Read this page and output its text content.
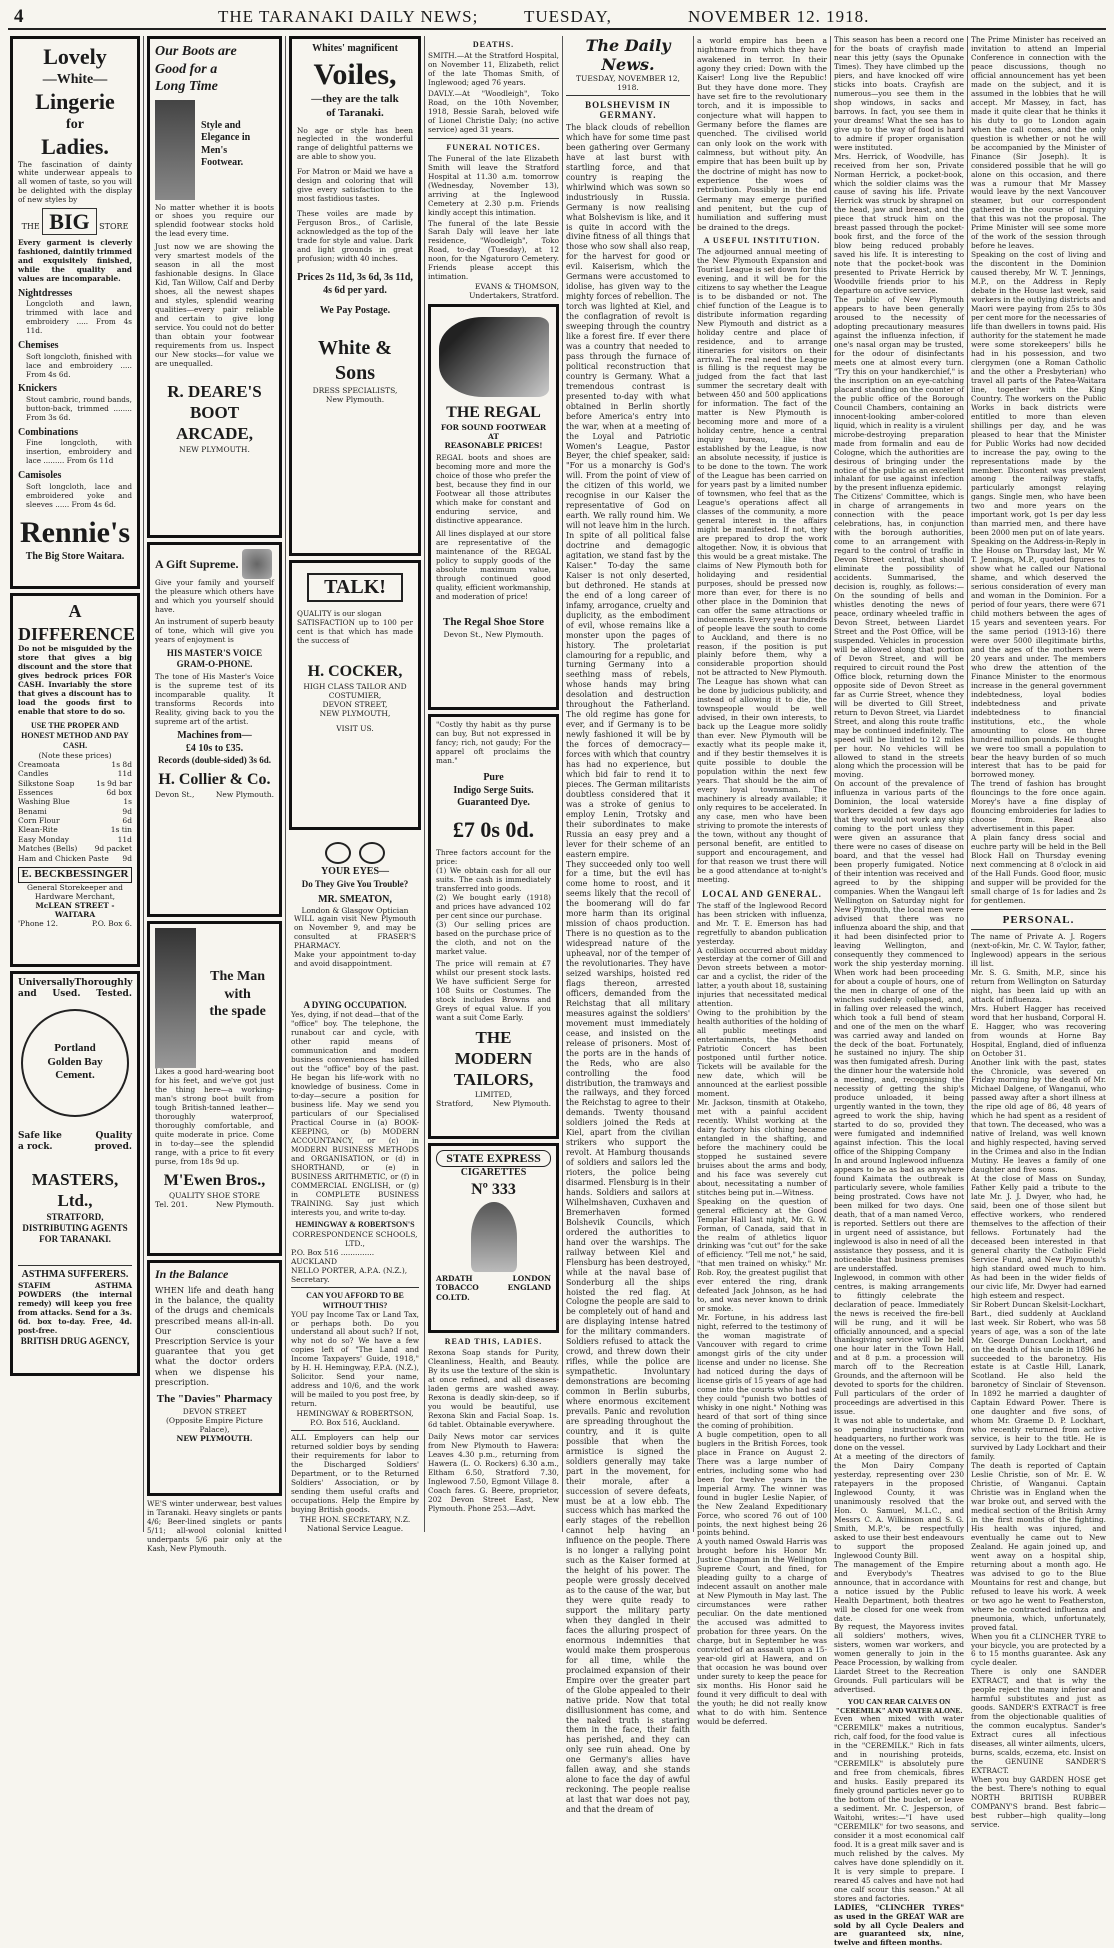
4	THE TARANAKI DAILY NEWS;	TUESDAY,	NOVEMBER 12. 1918.
Lovely
—White—
Lingerie
for
Ladies.
The fascination of dainty white underwear appeals to all women of taste, so you will be delighted with the display of new styles by
THE BIG STORE
Every garment is cleverly fashioned, daintily trimmed and exquisitely finished, while the quality and values are incomparable.
Nightdresses
Longcloth and lawn, trimmed with lace and embroidery ..... From 4s 11d.
Chemises
Soft longcloth, finished with lace and embroidery ..... From 4s 6d.
Knickers
Stout cambric, round bands, button-back, trimmed ........ From 3s 6d.
Combinations
Fine longcloth, with insertion, embroidery and lace ......... From 6s 11d
Camisoles
Soft longcloth, lace and embroidered yoke and sleeves ...... From 4s 6d.
Rennie's
The Big Store Waitara.
A DIFFERENCE
Do not be misguided by the store that gives a big discount and the store that gives bedrock prices FOR CASH. Invariably the store that gives a discount has to load the goods first to enable that store to do so.
USE THE PROPER AND HONEST METHOD AND PAY CASH.
(Note these prices)
Creamoata	1s 8d
Candles	11d
Silkstone Soap	1s 9d bar
Essences	6d box
Washing Blue	1s
Benami	9d
Corn Flour	6d
Klean-Rite	1s tin
Easy Monday	11d
Matches (Bells) 9d packet
Ham and Chicken Paste 9d
E. BECKBESSINGER
General Storekeeper and Hardware Merchant,
McLEAN STREET - WAITARA
'Phone 12.	P.O. Box 6.
Universally Thoroughly
and Used. Tested.
Portland
Golden Bay
Cement.
Safe like	Quality
a rock.	proved.
MASTERS, Ltd.,
STRATFORD,
DISTRIBUTING AGENTS FOR TARANAKI.
ASTHMA SUFFERERS.
STAFIM ASTHMA POWDERS (the internal remedy) will keep you free from attacks. Send for a 3s. 6d. box to-day. Free, 4d. post-free.
BRITISH DRUG AGENCY,
Our Boots are
Good for a
Long Time
Style and
Elegance in
Men's
Footwear.
No matter whether it is boots or shoes you require our splendid footwear stocks hold the lead every time.
Just now we are showing the very smartest models of the season in all the most fashionable designs. In Glace Kid, Tan Willow, Calf and Derby shoes, all the newest shapes and styles, splendid wearing qualities—every pair reliable and certain to give long service. You could not do better than obtain your footwear requirements from us. Inspect our New stocks—for value we are unequalled.
R. DEARE'S
BOOT
ARCADE,
NEW PLYMOUTH.
A Gift Supreme.
Give your family and yourself the pleasure which others have and which you yourself should have.
An instrument of superb beauty of tone, which will give you years of enjoyment is
HIS MASTER'S VOICE GRAM-O-PHONE.
The tone of His Master's Voice is the supreme test of its incomparable quality. It transforms Records into Reality, giving back to you the supreme art of the artist.
Machines from—
£4 10s to £35.
Records (double-sided) 3s 6d.
H. Collier & Co.
Devon St.,	New Plymouth.
The Man with
the spade
Likes a good hard-wearing boot for his feet, and we've got just the thing here—a working-man's strong boot built from tough British-tanned leather—thoroughly waterproof, thoroughly comfortable, and quite moderate in price. Come in to-day—see the splendid range, with a price to fit every purse, from 18s 9d up.
M'Ewen Bros.,
QUALITY SHOE STORE
Tel. 201.	New Plymouth.
In the Balance
WHEN life and death hang in the balance, the quality of the drugs and chemicals prescribed means all-in-all. Our conscientious Prescription Service is your guarantee that you get what the doctor orders when we dispense his prescription.
The "Davies" Pharmacy
DEVON STREET
(Opposite Empire Picture Palace),
NEW PLYMOUTH.
WE'S winter underwear, best values in Taranaki. Heavy singlets or pants 4/6; Beer-lined singlets or pants 5/11; all-wool colonial knitted underpants 5/6 pair only at the Kash, New Plymouth.
Whites' magnificent
Voiles,
—they are the talk
of Taranaki.
No age or style has been neglected in the wonderful range of delightful patterns we are able to show you.
For Matron or Maid we have a design and coloring that will give every satisfaction to the most fastidious tastes.
These voiles are made by Ferguson Bros., of Carlisle, acknowledged as the top of the trade for style and value. Dark and light grounds in great profusion; width 40 inches.
Prices 2s 11d, 3s 6d, 3s 11d, 4s 6d per yard.
We Pay Postage.
White & Sons
DRESS SPECIALISTS,
New Plymouth.
TALK!
QUALITY is our slogan
SATISFACTION up to 100 per cent is that which has made the success of
H. COCKER,
HIGH CLASS TAILOR AND COSTUMIER,
DEVON STREET,
NEW PLYMOUTH,
VISIT US.
YOUR EYES—
Do They Give You Trouble?
MR. SMEATON,
London & Glasgow Optician
WILL again visit New Plymouth on November 9, and may be consulted at FRASER'S PHARMACY.
Make your appointment to-day and avoid disappointment.
A DYING OCCUPATION.
Yes, dying, if not dead—that of the "office" boy. The telephone, the runabout car and cycle, with other rapid means of communication and modern business conveniences has killed out the "office" boy of the past. He began his life-work with no knowledge of business. Come in to-day—secure a position for business life. May we send you particulars of our Specialised Practical Course in (a) BOOK-KEEPING, or (b) MODERN ACCOUNTANCY, or (c) in MODERN BUSINESS METHODS and ORGANISATION, or (d) in SHORTHAND, or (e) in BUSINESS ARITHMETIC, or (f) in COMMERCIAL ENGLISH, or (g) in COMPLETE BUSINESS TRAINING. Say just which interests you, and write to-day.
HEMINGWAY & ROBERTSON'S
CORRESPONDENCE SCHOOLS, LTD.,
P.O. Box 516 .............. AUCKLAND
NELLO PORTER, A.P.A. (N.Z.), Secretary.
CAN YOU AFFORD TO BE WITHOUT THIS?
YOU pay Income Tax or Land Tax, or perhaps both. Do you understand all about such? If not, why not do so? We have a few copies left of "The Land and Income Taxpayers' Guide, 1918," by H. H. Hemingway, F.P.A. (N.Z.), Solicitor. Send your name, address and 10/6, and the work will be mailed to you post free, by return.
HEMINGWAY & ROBERTSON,
P.O. Box 516, Auckland.
ALL Employers can help our returned soldier boys by sending their requirements for labor to the Discharged Soldiers' Department, or to the Returned Soldiers' Association, or by sending them useful crafts and occupations. Help the Empire by buying British goods.
THE HON. SECRETARY, N.Z. National Service League.
DEATHS.
SMITH.—At the Stratford Hospital, on November 11, Elizabeth, relict of the late Thomas Smith, of Inglewood; aged 76 years.
DAVLY.—At "Woodleigh", Toko Road, on the 10th November, 1918, Bessie Sarah, beloved wife of Lionel Christie Daly; (no active service) aged 31 years.
FUNERAL NOTICES.
The Funeral of the late Elizabeth Smith will leave the Stratford Hospital at 11.30 a.m. tomorrow (Wednesday, November 13), arriving at the Inglewood Cemetery at 2.30 p.m. Friends kindly accept this intimation.
The funeral of the late Bessie Sarah Daly will leave her late residence, "Woodleigh", Toko Road, to-day (Tuesday), at 12 noon, for the Ngaturoro Cemetery. Friends please accept this intimation.
EVANS & THOMSON, Undertakers, Stratford.
THE REGAL
FOR SOUND FOOTWEAR AT
REASONABLE PRICES!
REGAL boots and shoes are becoming more and more the choice of those who prefer the best, because they find in our Footwear all those attributes which make for constant and enduring service, and distinctive appearance.
All lines displayed at our store are representative of the maintenance of the REGAL policy to supply goods of the absolute maximum value, through continued good quality, efficient workmanship, and moderation of price!
The Regal Shoe Store
Devon St., New Plymouth.
"Costly thy habit as thy purse can buy, But not expressed in fancy; rich, not gaudy; For the apparel oft proclaims the man."
Pure
Indigo Serge Suits.
Guaranteed Dye.
£7 0s 0d.
Three factors account for the price:
(1) We obtain cash for all our suits. The cash is immediately transferred into goods.
(2) We bought early (1918) and prices have advanced 102 per cent since our purchase.
(3) Our selling prices are based on the purchase price of the cloth, and not on the market value.
The price will remain at £7 whilst our present stock lasts. We have sufficient Serge for 108 Suits or Costumes. The stock includes Browns and Greys of equal value. If you want a suit Come Early.
THE
MODERN
TAILORS,
LIMITED,
Stratford,	New Plymouth.
STATE EXPRESS
CIGARETTES
Nº 333
ARDATH	LONDON
TOBACCO	ENGLAND
CO.LTD.
READ THIS, LADIES.
Rexona Soap stands for Purity, Cleanliness, Health, and Beauty. By its use the texture of the skin is at once refined, and all diseases-laden germs are washed away. Rexona is deadly skin-deep, so if you would be beautiful, use Rexona Skin and Facial Soap. 1s. 6d tablet. Obtainable everywhere.
Daily News motor car services from New Plymouth to Hawera: Leaves 4.30 p.m., returning from Hawera (L. O. Rockers) 6.30 a.m., Eltham 6.50, Stratford 7.30, Inglewood 7.50, Egmont Village 8. Coach fares. G. Beere, proprietor, 202 Devon Street East, New Plymouth. Phone 253.—Advt.
The Daily News.
TUESDAY, NOVEMBER 12, 1918.
BOLSHEVISM IN GERMANY.
The black clouds of rebellion which have for some time past been gathering over Germany have at last burst with startling force, and that country is reaping the whirlwind which was sown so industriously in Russia. Germany is now realising what Bolshevism is like, and it is quite in accord with the divine fitness of all things that those who sow shall also reap, for the harvest for good or evil. Kaiserism, which the Germans were accustomed to idolise, has given way to the mighty forces of rebellion. The torch was lighted at Kiel, and the conflagration of revolt is sweeping through the country like a forest fire. If ever there was a country that needed to pass through the furnace of political reconstruction that country is Germany. What a tremendous contrast is presented to-day with what obtained in Berlin shortly before America's entry into the war, when at a meeting of the Loyal and Patriotic Women's League, Pastor Beyer, the chief speaker, said: "For us a monarchy is God's will. From the point of view of the citizen of this world, we recognise in our Kaiser the representative of God on earth. We rally round him. We will not leave him in the lurch. In spite of all political false doctrine and demagogic agitation, we stand fast by the Kaiser." To-day the same Kaiser is not only deserted, but dethroned. He stands at the end of a long career of infamy, arrogance, cruelty and duplicity, as the embodiment of evil, whose remains like a monster upon the pages of history. The proletariat clamouring for a republic, and turning Germany into a seething mass of rebels, whose hands may bring desolation and destruction throughout the Fatherland. The old regime has gone for ever, and if Germany is to be newly fashioned it will be by the forces of democracy—forces with which that country has had no experience, but which bid fair to rend it to pieces. The German militarists doubtless considered that it was a stroke of genius to employ Lenin, Trotsky and their subordinates to make Russia an easy prey and a lever for their scheme of an eastern empire.
They succeeded only too well for a time, but the evil has come home to roost, and it seems likely that the recoil of the boomerang will do far more harm than its original mission of chaos production. There is no question as to the widespread nature of the upheaval, nor of the temper of the revolutionaries. They have seized warships, hoisted red flags thereon, arrested officers, demanded from the Reichstag that all military measures against the soldiers' movement must immediately cease, and insisted on the release of prisoners. Most of the ports are in the hands of the Reds, who are also controlling the food distribution, the tramways and the railways, and they forced the Reichstag to agree to their demands. Twenty thousand soldiers joined the Reds at Kiel, apart from the civilian strikers who support the revolt. At Hamburg thousands of soldiers and sailors led the rioters, the police being disarmed. Flensburg is in their hands. Soldiers and sailors at Wilhelmshaven, Cuxhaven and Bremerhaven formed Bolshevik Councils, which ordered the authorities to hand over the warships. The railway between Kiel and Flensburg has been destroyed, while at the naval base of Sonderburg all the ships hoisted the red flag. At Cologne the people are said to be completely out of hand and are displaying intense hatred for the military commanders. Soldiers refused to attack the crowd, and threw down their rifles, while the police are sympathetic. Involuntary demonstrations are becoming common in Berlin suburbs, where enormous excitement prevails. Panic and revolution are spreading throughout the country, and it is quite possible that when the armistice is signed the soldiers generally may take part in the movement, for their morale, after a succession of severe defeats, must be at a low ebb. The success which has marked the early stages of the rebellion cannot help having an influence on the people. There is no longer a rallying point such as the Kaiser formed at the height of his power. The people were grossly deceived as to the cause of the war, but they were quite ready to support the military party when they dangled in their faces the alluring prospect of enormous indemnities that would make them prosperous for all time, while the proclaimed expansion of their Empire over the greater part of the Globe appealed to their native pride. Now that total disillusionment has come, and the naked truth is staring them in the face, their faith has perished, and they can only see ruin ahead. One by one Germany's allies have fallen away, and she stands alone to face the day of awful reckoning. The people realise at last that war does not pay, and that the dream of
a world empire has been a nightmare from which they have awakened in terror. In their agony they cried: Down with the Kaiser! Long live the Republic! But they have done more. They have set fire to the revolutionary torch, and it is impossible to conjecture what will happen to Germany before the flames are quenched. The civilised world can only look on the work with calmness, but without pity. An empire that has been built up by the doctrine of might has now to experience the woes of retribution. Possibly in the end Germany may emerge purified and penitent, but the cup of humiliation and suffering must be drained to the dregs.
A USEFUL INSTITUTION.
The adjourned annual meeting of the New Plymouth Expansion and Tourist League is set down for this evening, and it will be for the citizens to say whether the League is to be disbanded or not. The chief function of the League is to distribute information regarding New Plymouth and district as a holiday centre and place of residence, and to arrange itineraries for visitors on their arrival. The real need the League is filling is the request may be judged from the fact that last summer the secretary dealt with between 450 and 500 applications for information. The fact of the matter is New Plymouth is becoming more and more of a holiday centre, hence a central inquiry bureau, like that established by the League, is now an absolute necessity, if justice is to be done to the town. The work of the League has been carried on for years past by a limited number of townsmen, who feel that as the League's operations affect all classes of the community, a more general interest in the affairs might be manifested. If not, they are prepared to drop the work altogether. Now, it is obvious that this would be a great mistake. The claims of New Plymouth both for holidaying and residential purposes, should be pressed now more than ever, for there is no other place in the Dominion that can offer the same attractions or inducements. Every year hundreds of people leave the south to come to Auckland, and there is no reason, if the position is put plainly before them, why a considerable proportion should not be attracted to New Plymouth. The League has shown what can be done by judicious publicity, and instead of allowing it to die, the townspeople would be well advised, in their own interests, to back up the League more solidly than ever. New Plymouth will be exactly what its people make it, and if they bestir themselves it is quite possible to double the population within the next few years. That should be the aim of every loyal townsman. The machinery is already available; it only requires to be accelerated. In any case, men who have been striving to promote the interests of the town, without any thought of personal benefit, are entitled to support and encouragement, and for that reason we trust there will be a good attendance at to-night's meeting.
LOCAL AND GENERAL.
The staff of the Inglewood Record has been stricken with influenza, and Mr. T. E. Emerson has had regretfully to abandon publication yesterday.
A collision occurred about midday yesterday at the corner of Gill and Devon streets between a motor-car and a cyclist, the rider of the latter, a youth about 18, sustaining injuries that necessitated medical attention.
Owing to the prohibition by the health authorities of the holding of all public meetings and entertainments, the Methodist Patriotic Concert has been postponed until further notice. Tickets will be available for the new date, which will be announced at the earliest possible moment.
Mr. Jackson, tinsmith at Otakeho, met with a painful accident recently. Whilst working at the dairy factory his clothing became entangled in the shafting, and before the machinery could be stopped he sustained severe bruises about the arms and body, and his face was severely cut about, necessitating a number of stitches being put in.—Witness.
Speaking on the question of general efficiency at the Good Templar Hall last night, Mr. G. W. Forman, of Canada, said that in the realm of athletics liquor drinking was "cut out" for the sake of efficiency. "Tell me not," he said, "that men trained on whisky." Mr. Rob. Roy, the greatest pugilist that ever entered the ring, drank defeated Jack Johnson, as he had to, and was never known to drink or smoke.
Mr. Fortune, in his address last night, referred to the testimony of the woman magistrate of Vancouver with regard to crime amongst girls of the city under license and under no license. She had noticed during the days of license girls of 15 years of age had come into the courts who had said they could "punish two bottles of whisky in one night." Nothing was heard of that sort of thing since the coming of prohibition.
A bugle competition, open to all buglers in the British Forces, took place in France on August 2. There was a large number of entries, including some who had been for twelve years in the Imperial Army. The winner was found in bugler Leslie Napier, of the New Zealand Expeditionary Force, who scored 76 out of 100 points, the next highest being 26 points behind.
A youth named Oswald Harris was brought before his Honor Mr. Justice Chapman in the Wellington Supreme Court, and fined, for pleading guilty to a charge of indecent assault on another male at New Plymouth in May last. The circumstances were rather peculiar. On the date mentioned the accused was admitted to probation for three years. On the charge, but in September he was convicted of an assault upon a 15-year-old girl at Hawera, and on that occasion he was bound over under surety to keep the peace for six months. His Honor said he found it very difficult to deal with the youth; he did not really know what to do with him. Sentence would be deferred.
This season has been a record one for the boats of crayfish made near this jetty (says the Opunake Times). They have climbed up the piers, and have knocked off wire sticks into boats. Crayfish are numerous—you see them in the shop windows, in sacks and barrows. In fact, you see them in your dreams! What the sea has to give up to the way of food is hard to admire if proper organisation were instituted.
Mrs. Herrick, of Woodville, has received from her son, Private Norman Herrick, a pocket-book, which the soldier claims was the cause of saving his life. Private Herrick was struck by shrapnel on the head, jaw and breast, and the piece that struck him on the breast passed through the pocket-book first, and the force of the blow being reduced probably saved his life. It is interesting to note that the pocket-book was presented to Private Herrick by Woodville friends prior to his departure on active service.
The public of New Plymouth appears to have been generally aroused to the necessity of adopting precautionary measures against the influenza infection, if one's nasal organ may be trusted, for the odour of disinfectants meets one at almost every turn. "Try this on your handkerchief," is the inscription on an eye-catching placard standing on the counter of the public office of the Borough Council Chambers, containing an innocent-looking amber-colored liquid, which in reality is a virulent microbe-destroying preparation made from formalin and eau de Cologne, which the authorities are desirous of bringing under the notice of the public as an excellent inhalant for use against infection by the present influenza epidemic.
The Citizens' Committee, which is in charge of arrangements in connection with the peace celebrations, has, in conjunction with the borough authorities, come to an arrangement with regard to the control of traffic in Devon Street central, that should eliminate the possibility of accidents. Summarised, the decision is, roughly, as follows:—On the sounding of bells and whistles denoting the news of peace, ordinary wheeled traffic in Devon Street, between Liardet Street and the Post Office, will be suspended. Vehicles in procession will be allowed along that portion of Devon Street, and will be required to circuit round the Post Office block, returning down the opposite side of Devon Street as far as Currie Street, whence they will be diverted to Gill Street, return to Devon Street, via Liardet Street, and along this route traffic may be continued indefinitely. The speed will be limited to 12 miles per hour. No vehicles will be allowed to stand in the streets along which the procession will be moving.
On account of the prevalence of influenza in various parts of the Dominion, the local waterside workers decided a few days ago that they would not work any ship coming to the port unless they were given an assurance that there were no cases of disease on board, and that the vessel had been properly fumigated. Notice of their intention was received and agreed to by the shipping companies. When the Wangaui left Wellington on Saturday night for New Plymouth, the local men were advised that there was no influenza aboard the ship, and that it had been disinfected prior to leaving Wellington, and consequently they commenced to work the ship yesterday morning. When work had been proceeding for about a couple of hours, one of the men in charge of one of the winches suddenly collapsed, and, in falling over released the winch, which took a full bend of steam and one of the men on the wharf was carried away and landed on the deck of the boat. Fortunately, he sustained no injury. The ship was then fumigated afresh. During the dinner hour the waterside hold a meeting, and, recognising the necessity of getting the ship's produce unloaded, it being urgently wanted in the town, they agreed to work the ship, having started to do so, provided they were fumigated and indemnified against infection. This the local office of the Shipping Company
In and around Inglewood influenza appears to be as bad as anywhere found Kaimata the outbreak is particularly severe, whole families being prostrated. Cows have not been milked for two days. One death, that of a man named Verco, is reported. Settlers out there are in urgent need of assistance, but inglewood is also in need of all the assistance they possess, and it is noticeable that business premises are understaffed.
Inglewood, in common with other centres, is making arrangements to fittingly celebrate the declaration of peace. Immediately the news is received the fire-bell will be rung, and it will be officially announced, and a special thanksgiving service will be held one hour later in the Town Hall, and at 8 p.m. a procession will march off to the Recreation Grounds, and the afternoon will be devoted to sports for the children. Full particulars of the order of proceedings are advertised in this issue.
It was not able to undertake, and so pending instructions from headquarters, no further work was done on the vessel.
At a meeting of the directors of the Mon Dairy Company yesterday, representing over 230 ratepayers in the proposed Inglewood County, it was unanimously resolved that the Hon. O. Samuel, M.L.C., and Messrs C. A. Wilkinson and S. G. Smith, M.P.'s, be respectfully asked to use their best endeavours to support the proposed Inglewood County Bill.
The management of the Empire and Everybody's Theatres announce, that in accordance with a notice issued by the Public Health Department, both theatres will be closed for one week from date.
By request, the Mayoress invites all soldiers' mothers, wives, sisters, women war workers, and women generally to join in the Peace Procession, by walking from Liardet Street to the Recreation Grounds. Full particulars will be advertised.
YOU CAN REAR CALVES ON "CEREMILK" AND WATER ALONE.
Even when mixed with water "CEREMILK" makes a nutritious, rich, calf food, for the food value is in the "CEREMILK." Rich in fats and in nourishing proteids, "CEREMILK" is absolutely pure and free from chemicals, fibres and husks. Easily prepared its finely ground particles never go to the bottom of the bucket, or leave a sediment. Mr. C. Jesperson, of Waitohi, writes:—"I have used "CEREMILK" for two seasons, and consider it a most economical calf food. It is a great milk saver and is much relished by the calves. My calves have done splendidly on it. It is very simple to prepare. I reared 45 calves and have not had one calf scour this season." At all stores and factories.
LADIES, "CLINCHER TYRES" as used in the GREAT WAR are sold by all Cycle Dealers and are guaranteed six, nine, twelve and fifteen months.
The Prime Minister has received an invitation to attend an Imperial Conference in connection with the peace discussions, though no official announcement has yet been made on the subject, and it is assumed in the lobbies that he will accept. Mr Massey, in fact, has made it quite clear that he thinks it his duty to go to London again when the call comes, and the only question is whether or not he will be accompanied by the Minister of Finance (Sir Joseph). It is considered possible that he will go alone on this occasion, and there was a rumour that Mr Massey would leave by the next Vancouver steamer, but our correspondent gathered in the course of inquiry that this was not the proposal. The Prime Minister will see some more of the work of the session through before he leaves.
Speaking on the cost of living and the discontent in the Dominion caused thereby, Mr W. T. Jennings, M.P., on the Address in Reply debate in the House last week, said workers in the outlying districts and Maori were paying from 25s to 30s per cent more for the necessaries of life than dwellers in towns paid. His authority for the statement he made were some storekeepers' bills he had in his possession, and two clergymen (one a Roman Catholic and the other a Presbyterian) who travel all parts of the Patea-Waitara line, together with the King Country. The workers on the Public Works in back districts were entitled to more than eleven shillings per day, and he was pleased to hear that the Minister for Public Works had now decided to increase the pay, owing to the representations made by the member. Discontent was prevalent among the railway staffs, particularly amongst relaying gangs. Single men, who have been two and more years on the important work, got 1s per day less than married men, and there have been 2000 men put on of late years.
Speaking on the Address-in-Reply in the House on Thursday last, Mr W. T. Jennings, M.P., quoted figures to show what he called our National shame, and which deserved the serious consideration of every man and woman in the Dominion. For a period of four years, there were 671 child mothers between the ages of 15 years and seventeen years. For the same period (1913-16) there were over 5000 illegitimate births, and the ages of the mothers were 20 years and under. The members who drew the attention of the Finance Minister to the enormous increase in the general government indebtedness, loyal bodies indebtedness and private indebtedness to financial institutions, etc., the whole amounting to close on three hundred million pounds. He thought we were too small a population to bear the heavy burden of so much interest that has to be paid for borrowed money.
The trend of fashion has brought flouncings to the fore once again. Morey's have a fine display of flouncing embroideries for ladies to choose from. Read also advertisement in this paper.
A plain fancy dress social and euchre party will be held in the Bell Block Hall on Thursday evening next commencing at 8 o'clock in aid of the Hall Funds. Good floor, music and supper will be provided for the small charge of 1s for ladies and 2s for gentlemen.
PERSONAL.
The name of Private A. J. Rogers (next-of-kin, Mr. C. W. Taylor, father, Inglewood) appears in the serious ill list.
Mr. S. G. Smith, M.P., since his return from Wellington on Saturday night, has been laid up with an attack of influenza.
Mrs. Hubert Hagger has received word that her husband, Corporal H. E. Hagger, who was recovering from wounds at Horne Bay Hospital, England, died of influenza on October 31.
Another link with the past, states the Chronicle, was severed on Friday morning by the death of Mr. Michael Dalgene, of Wanganui, who passed away after a short illness at the ripe old age of 86, 48 years of which he had spent as a resident of that town. The deceased, who was a native of Ireland, was well known and highly respected, having served in the Crimea and also in the Indian Mutiny. He leaves a family of one daughter and five sons.
At the close of Mass on Sunday, Father Kelly paid a tribute to the late Mr. J. J. Dwyer, who had, he said, been one of those silent but effective workers, who rendered themselves to the affection of their fellows. Fortunately had the deceased been interested in that general charity the Catholic Field Service Fund, and New Plymouth's high standard owed much to him. As had been in the wider fields of our civic life, Mr. Dwyer had earned high esteem and respect.
Sir Robert Duncan Skelsit-Lockhart, Bart., died suddenly at Auckland last week. Sir Robert, who was 58 years of age, was a son of the late Mr. George Duncan Lockhart, and on the death of his uncle in 1896 he succeeded to the baronetcy. His estate is at Castle Hill, Lanark, Scotland. He also held the baronetcy of Sinclair of Stevenson. In 1892 he married a daughter of Captain Edward Power. There is one daughter and five sons, of whom Mr. Graeme D. P. Lockhart, who recently returned from active service, is heir to the title. He is survived by Lady Lockhart and their family.
The death is reported of Captain Leslie Christie, son of Mr. E. W. Christie, of Wanganui. Captain Christie was in England when the war broke out, and served with the medical section of the British Army in the first months of the fighting. His health was injured, and eventually he came out to New Zealand. He again joined up, and went away on a hospital ship, returning about a month ago. He was advised to go to the Blue Mountains for rest and change, but refused to leave his work. A week or two ago he went to Featherston, where he contracted influenza and pneumonia, which, unfortunately, proved fatal.
When you fit a CLINCHER TYRE to your bicycle, you are protected by a 6 to 15 months guarantee. Ask any cycle dealer.
There is only one SANDER EXTRACT, and that is why the people reject the many inferior and harmful substitutes and just as goods. SANDER'S EXTRACT is free from the objectionable qualities of the common eucalyptus. Sander's Extract cures all infectious diseases, all winter ailments, ulcers, burns, scalds, eczema, etc. Insist on the GENUINE SANDER'S EXTRACT.
When you buy GARDEN HOSE get the best. There's nothing to equal NORTH BRITISH RUBBER COMPANY'S brand. Best fabric—best rubber—high quality—long service.
